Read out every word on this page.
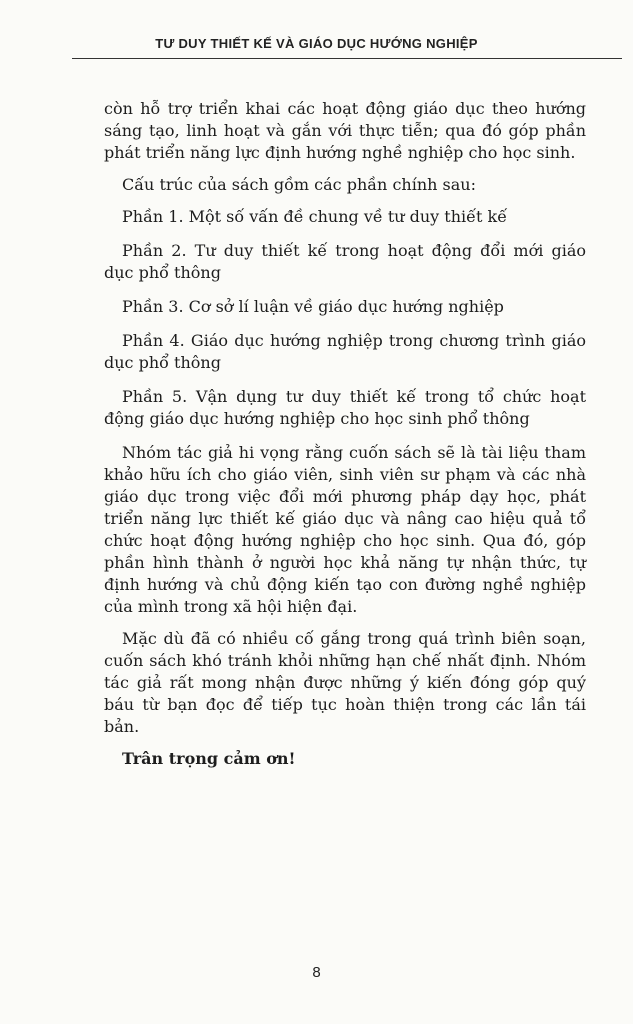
TƯ DUY THIẾT KẾ VÀ GIÁO DỤC HƯỚNG NGHIỆP

còn hỗ trợ triển khai các hoạt động giáo dục theo hướng sáng tạo, linh hoạt và gắn với thực tiễn; qua đó góp phần phát triển năng lực định hướng nghề nghiệp cho học sinh.

Cấu trúc của sách gồm các phần chính sau:

Phần 1. Một số vấn đề chung về tư duy thiết kế

Phần 2. Tư duy thiết kế trong hoạt động đổi mới giáo dục phổ thông

Phần 3. Cơ sở lí luận về giáo dục hướng nghiệp

Phần 4. Giáo dục hướng nghiệp trong chương trình giáo dục phổ thông

Phần 5. Vận dụng tư duy thiết kế trong tổ chức hoạt động giáo dục hướng nghiệp cho học sinh phổ thông

Nhóm tác giả hi vọng rằng cuốn sách sẽ là tài liệu tham khảo hữu ích cho giáo viên, sinh viên sư phạm và các nhà giáo dục trong việc đổi mới phương pháp dạy học, phát triển năng lực thiết kế giáo dục và nâng cao hiệu quả tổ chức hoạt động hướng nghiệp cho học sinh. Qua đó, góp phần hình thành ở người học khả năng tự nhận thức, tự định hướng và chủ động kiến tạo con đường nghề nghiệp của mình trong xã hội hiện đại.

Mặc dù đã có nhiều cố gắng trong quá trình biên soạn, cuốn sách khó tránh khỏi những hạn chế nhất định. Nhóm tác giả rất mong nhận được những ý kiến đóng góp quý báu từ bạn đọc để tiếp tục hoàn thiện trong các lần tái bản.

Trân trọng cảm ơn!

8
